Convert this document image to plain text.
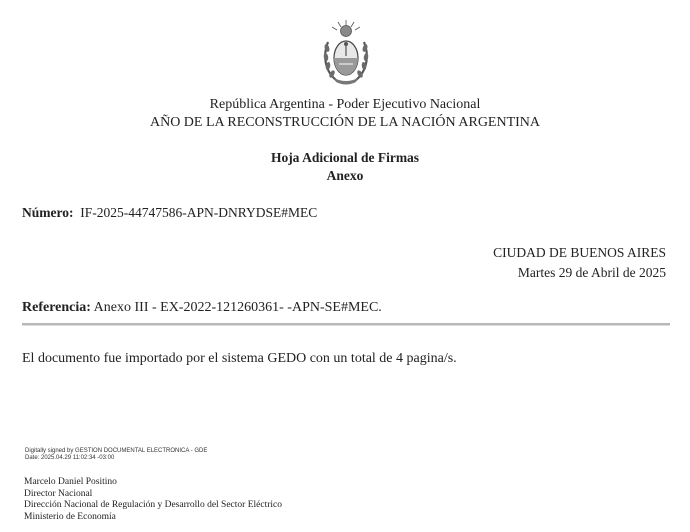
República Argentina - Poder Ejecutivo Nacional
AÑO DE LA RECONSTRUCCIÓN DE LA NACIÓN ARGENTINA
Hoja Adicional de Firmas
Anexo
Número: IF-2025-44747586-APN-DNRYDSE#MEC
CIUDAD DE BUENOS AIRES
Martes 29 de Abril de 2025
Referencia: Anexo III - EX-2022-121260361- -APN-SE#MEC.
El documento fue importado por el sistema GEDO con un total de 4 pagina/s.
Digitally signed by GESTION DOCUMENTAL ELECTRONICA - GDE
Date: 2025.04.29 11:02:34 -03:00
Marcelo Daniel Positino
Director Nacional
Dirección Nacional de Regulación y Desarrollo del Sector Eléctrico
Ministerio de Economía
